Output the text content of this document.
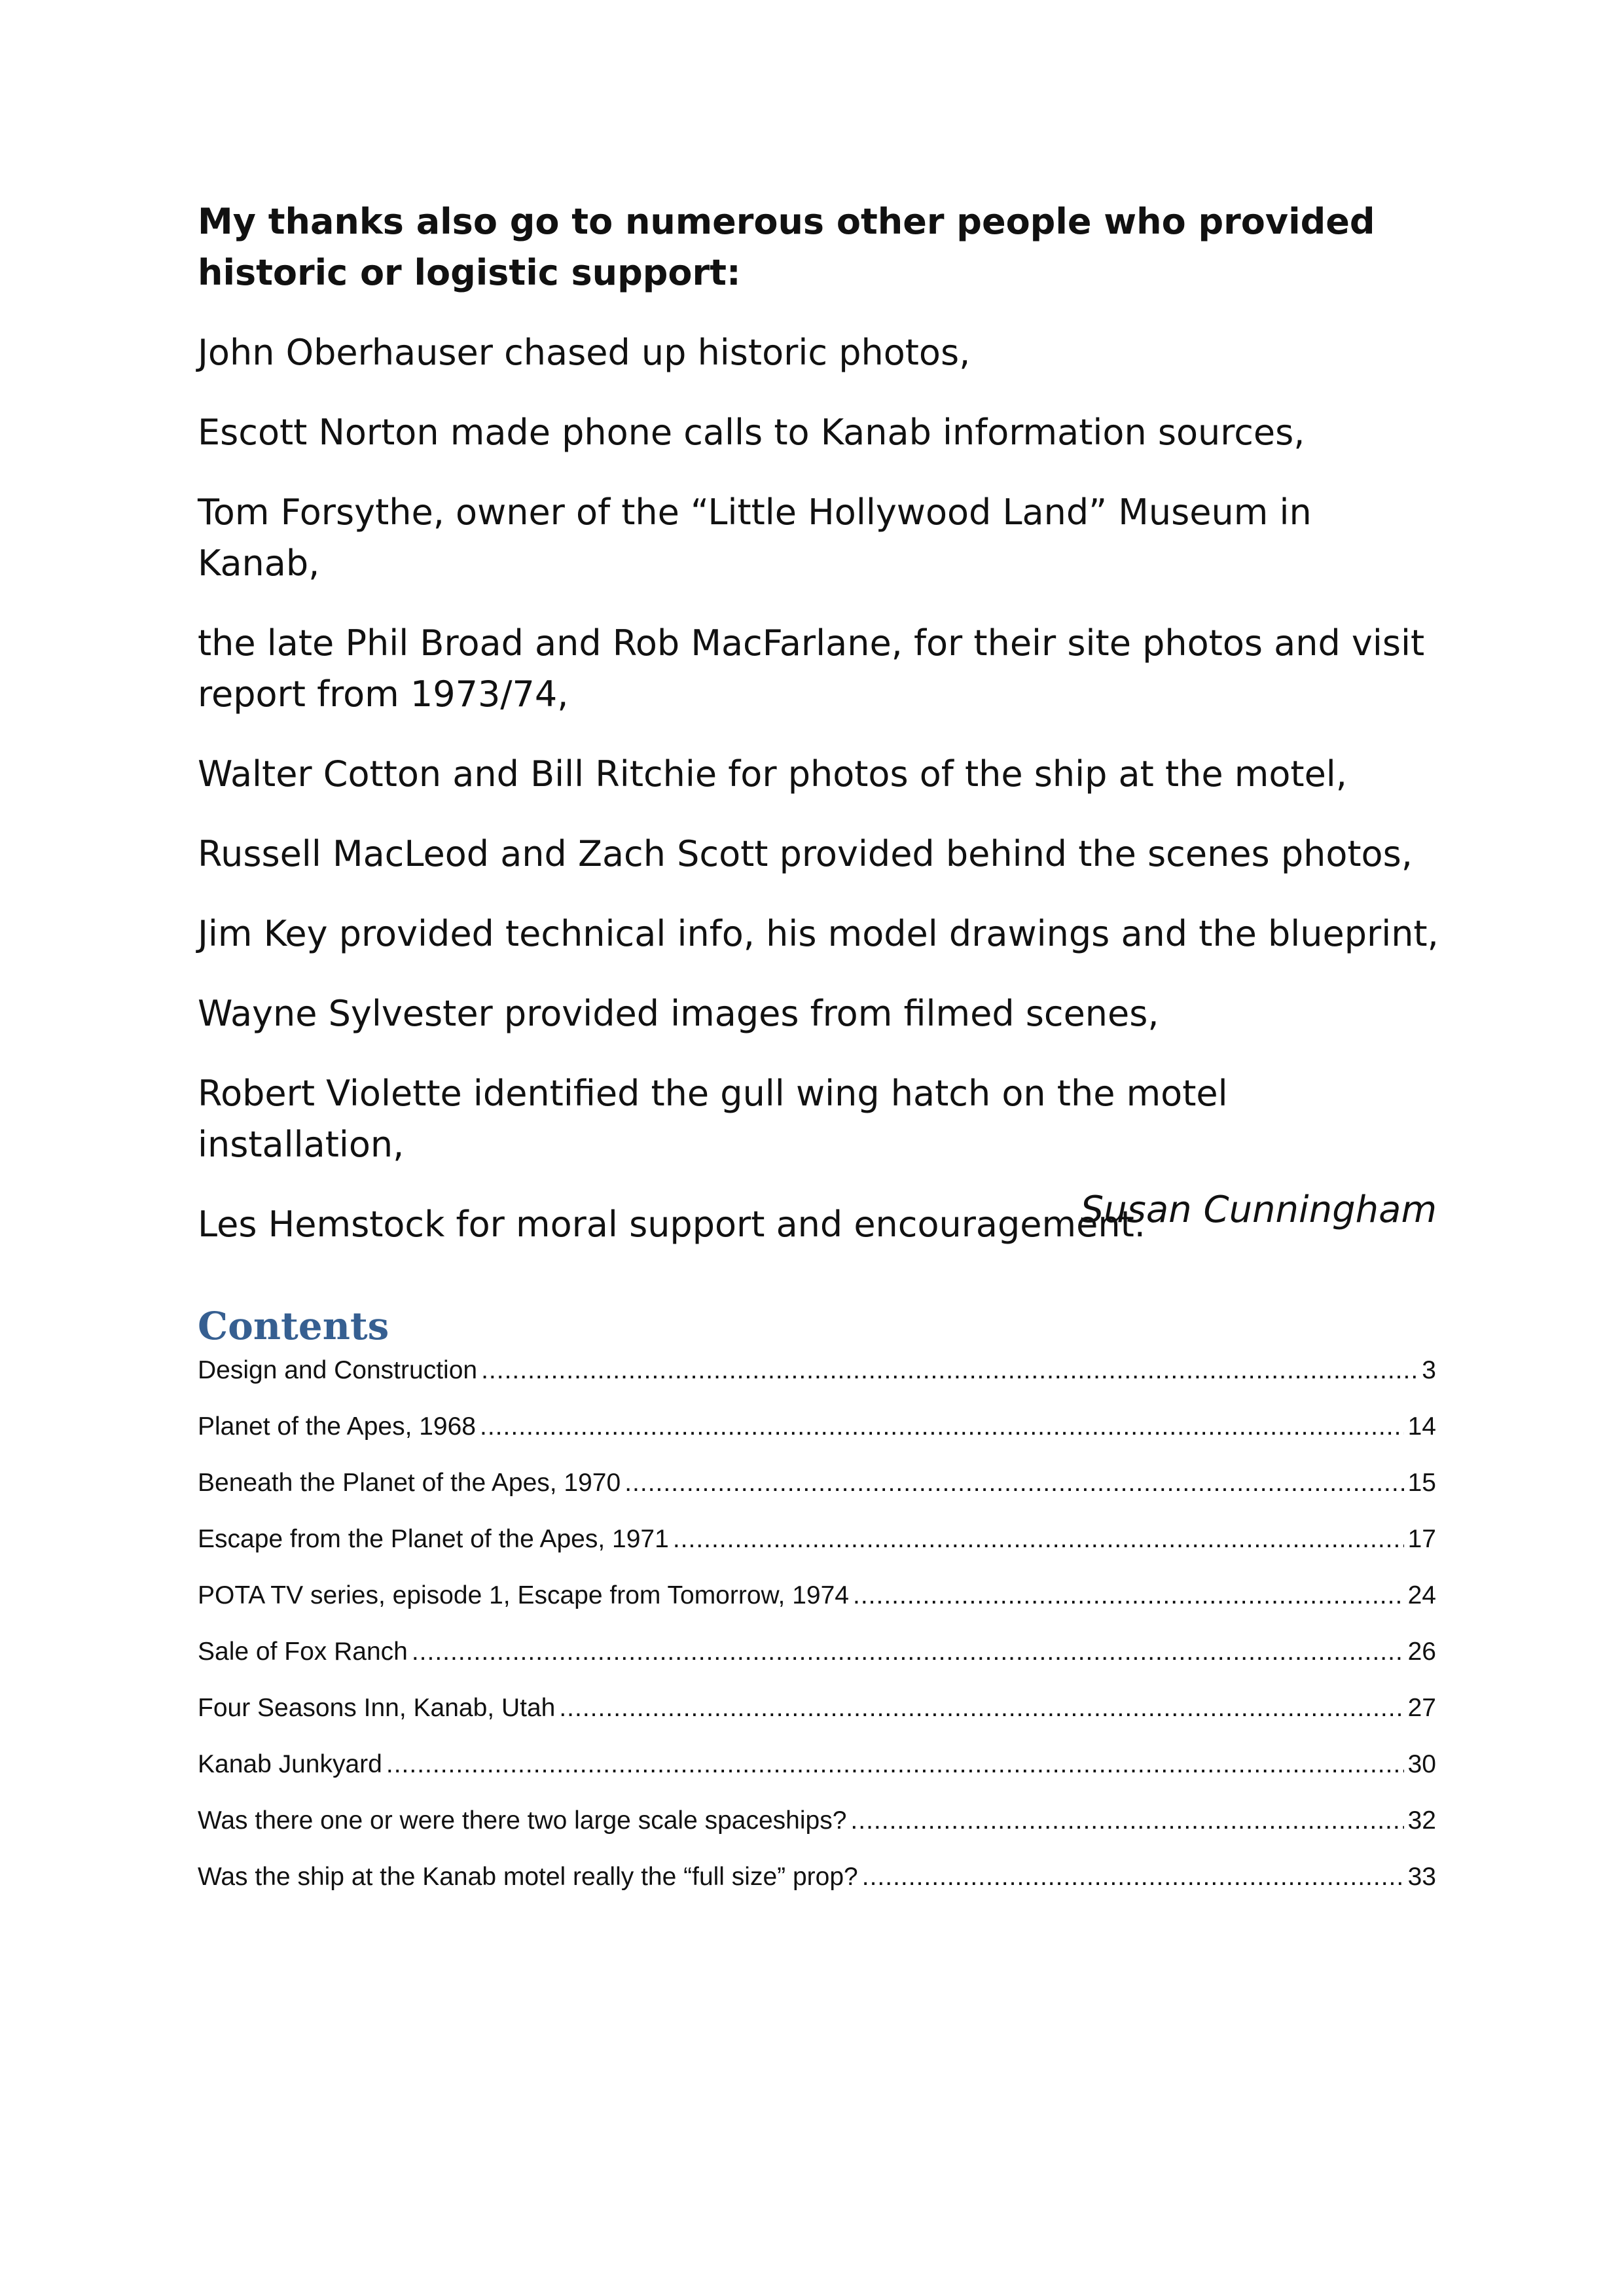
My thanks also go to numerous other people who provided historic or logistic support:

John Oberhauser chased up historic photos,
Escott Norton made phone calls to Kanab information sources,
Tom Forsythe, owner of the “Little Hollywood Land” Museum in Kanab,
the late Phil Broad and Rob MacFarlane, for their site photos and visit report from 1973/74,
Walter Cotton and Bill Ritchie for photos of the ship at the motel,
Russell MacLeod and Zach Scott provided behind the scenes photos,
Jim Key provided technical info, his model drawings and the blueprint,
Wayne Sylvester provided images from filmed scenes,
Robert Violette identified the gull wing hatch on the motel installation,
Les Hemstock for moral support and encouragement.
Susan Cunningham
Contents
Design and Construction .....	3
Planet of the Apes, 1968 .....	14
Beneath the Planet of the Apes, 1970 .....	15
Escape from the Planet of the Apes, 1971 .....	17
POTA TV series, episode 1, Escape from Tomorrow, 1974 .....	24
Sale of Fox Ranch .....	26
Four Seasons Inn, Kanab, Utah .....	27
Kanab Junkyard .....	30
Was there one or were there two large scale spaceships? .....	32
Was the ship at the Kanab motel really the “full size” prop? .....	33
